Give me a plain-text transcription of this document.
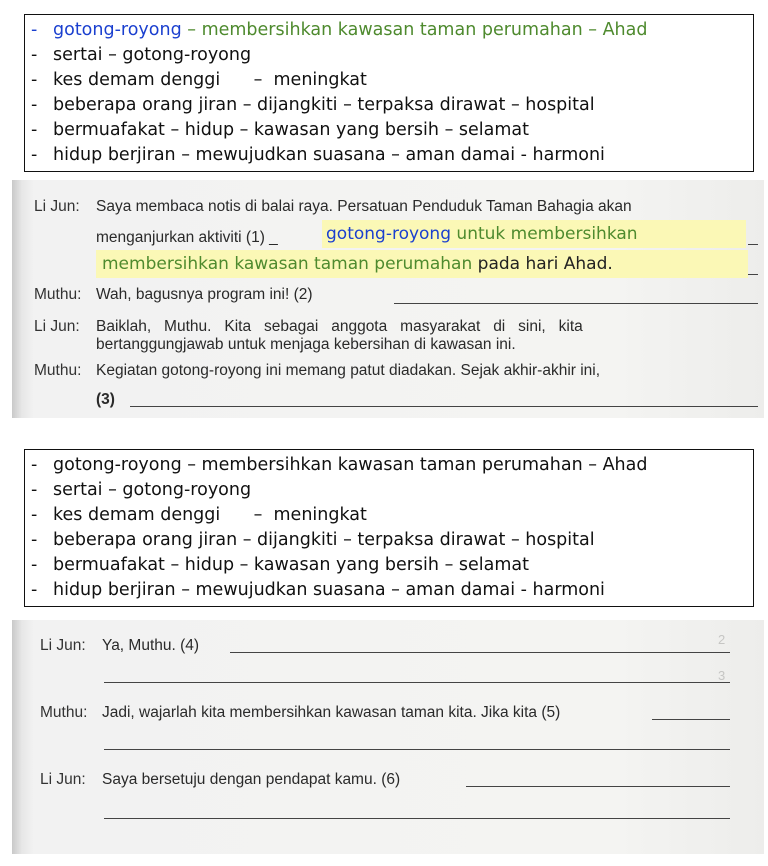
- gotong-royong – membersihkan kawasan taman perumahan – Ahad
- sertai – gotong-royong
- kes demam denggi      –  meningkat
- beberapa orang jiran – dijangkiti – terpaksa dirawat – hospital
- bermuafakat – hidup – kawasan yang bersih – selamat
- hidup berjiran – mewujudkan suasana – aman damai - harmoni
Li Jun: Saya membaca notis di balai raya. Persatuan Penduduk Taman Bahagia akan
menganjurkan aktiviti (1) _	gotong-royong untuk membersihkan
membersihkan kawasan taman perumahan pada hari Ahad.
Muthu: Wah, bagusnya program ini! (2)
Li Jun: Baiklah,   Muthu.   Kita   sebagai   anggota   masyarakat   di   sini,   kita
bertanggungjawab untuk menjaga kebersihan di kawasan ini.
Muthu: Kegiatan gotong-royong ini memang patut diadakan. Sejak akhir-akhir ini,
(3)
- gotong-royong – membersihkan kawasan taman perumahan – Ahad
- sertai – gotong-royong
- kes demam denggi      –  meningkat
- beberapa orang jiran – dijangkiti – terpaksa dirawat – hospital
- bermuafakat – hidup – kawasan yang bersih – selamat
- hidup berjiran – mewujudkan suasana – aman damai - harmoni
2
3
Li Jun: Ya, Muthu. (4)
Muthu: Jadi, wajarlah kita membersihkan kawasan taman kita. Jika kita (5)
Li Jun: Saya bersetuju dengan pendapat kamu. (6)
